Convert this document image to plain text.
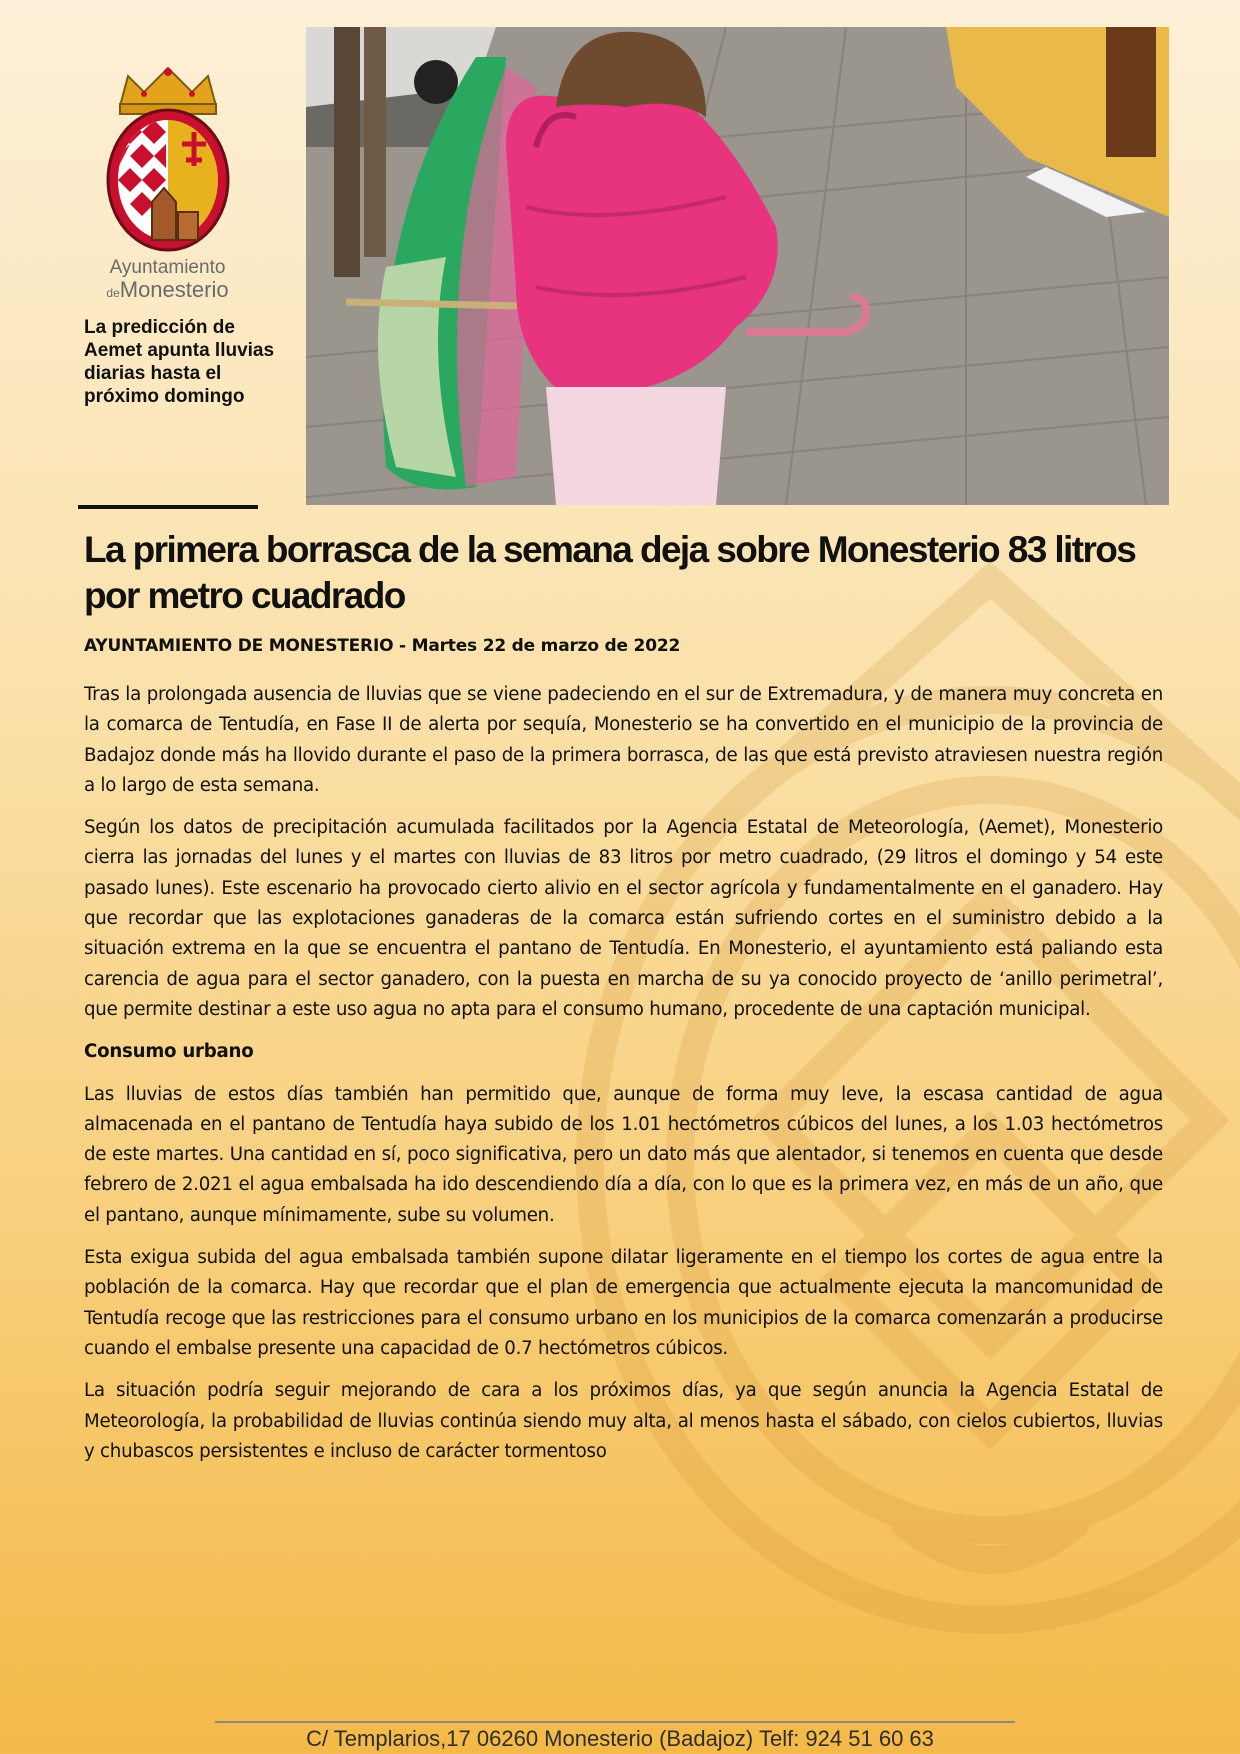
Ayuntamiento
deMonesterio

La predicción de Aemet apunta lluvias diarias hasta el próximo domingo

La primera borrasca de la semana deja sobre Monesterio 83 litros por metro cuadrado

AYUNTAMIENTO DE MONESTERIO - Martes 22 de marzo de 2022

Tras la prolongada ausencia de lluvias que se viene padeciendo en el sur de Extremadura, y de manera muy concreta en la comarca de Tentudía, en Fase II de alerta por sequía, Monesterio se ha convertido en el municipio de la provincia de Badajoz donde más ha llovido durante el paso de la primera borrasca, de las que está previsto atraviesen nuestra región a lo largo de esta semana.

Según los datos de precipitación acumulada facilitados por la Agencia Estatal de Meteorología, (Aemet), Monesterio cierra las jornadas del lunes y el martes con lluvias de 83 litros por metro cuadrado, (29 litros el domingo y 54 este pasado lunes). Este escenario ha provocado cierto alivio en el sector agrícola y fundamentalmente en el ganadero. Hay que recordar que las explotaciones ganaderas de la comarca están sufriendo cortes en el suministro debido a la situación extrema en la que se encuentra el pantano de Tentudía. En Monesterio, el ayuntamiento está paliando esta carencia de agua para el sector ganadero, con la puesta en marcha de su ya conocido proyecto de ‘anillo perimetral’, que permite destinar a este uso agua no apta para el consumo humano, procedente de una captación municipal.

Consumo urbano

Las lluvias de estos días también han permitido que, aunque de forma muy leve, la escasa cantidad de agua almacenada en el pantano de Tentudía haya subido de los 1.01 hectómetros cúbicos del lunes, a los 1.03 hectómetros de este martes. Una cantidad en sí, poco significativa, pero un dato más que alentador, si tenemos en cuenta que desde febrero de 2.021 el agua embalsada ha ido descendiendo día a día, con lo que es la primera vez, en más de un año, que el pantano, aunque mínimamente, sube su volumen.

Esta exigua subida del agua embalsada también supone dilatar ligeramente en el tiempo los cortes de agua entre la población de la comarca. Hay que recordar que el plan de emergencia que actualmente ejecuta la mancomunidad de Tentudía recoge que las restricciones para el consumo urbano en los municipios de la comarca comenzarán a producirse cuando el embalse presente una capacidad de 0.7 hectómetros cúbicos.

La situación podría seguir mejorando de cara a los próximos días, ya que según anuncia la Agencia Estatal de Meteorología, la probabilidad de lluvias continúa siendo muy alta, al menos hasta el sábado, con cielos cubiertos, lluvias y chubascos persistentes e incluso de carácter tormentoso

C/ Templarios,17 06260 Monesterio (Badajoz) Telf: 924 51 60 63
